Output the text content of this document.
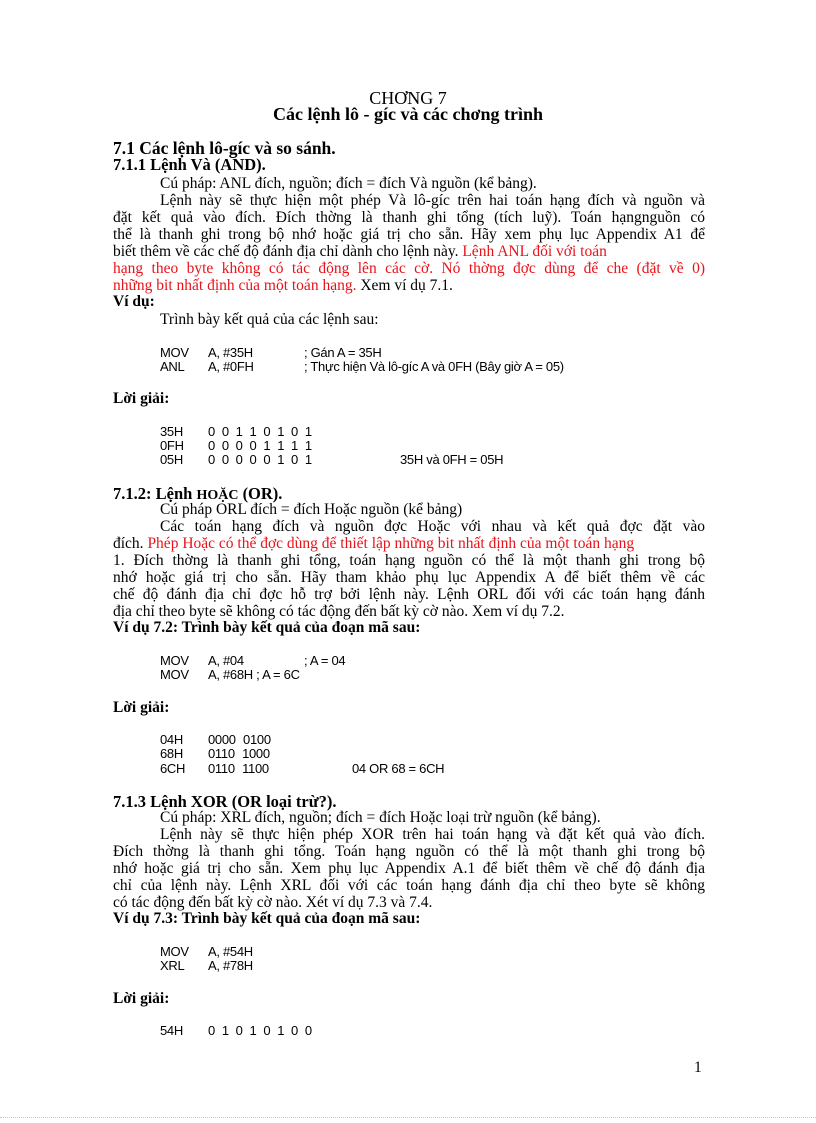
CHƠNG 7
Các lệnh lô - gíc và các chơng trình
7.1 Các lệnh lô-gíc và so sánh.
7.1.1 Lệnh Và (AND).
Cú pháp: ANL đích, nguồn; đích = đích Và nguồn (kể bảng).
Lệnh này sẽ thực hiện một phép Và lô-gíc trên hai toán hạng đích và nguồn và
đặt kết quả vào đích. Đích thờng là thanh ghi tổng (tích luỹ). Toán hạngnguồn có
thể là thanh ghi trong bộ nhớ hoặc giá trị cho sẵn. Hãy xem phụ lục Appendix A1 để
biết thêm về các chế độ đánh địa chỉ dành cho lệnh này. Lệnh ANL đối với toán
hạng theo byte không có tác động lên các cờ. Nó thờng đợc dùng để che (đặt về 0)
những bit nhất định của một toán hạng. Xem ví dụ 7.1.
Ví dụ:
Trình bày kết quả của các lệnh sau:
MOV A, #35H	; Gán A = 35H
ANL A, #0FH	; Thực hiện Và lô-gíc A và 0FH (Bây giờ A = 05)
Lời giải:
35H 0 0 1 1 0 1 0 1
0FH 0 0 0 0 1 1 1 1
05H 0 0 0 0 0 1 0 1	35H và 0FH = 05H
7.1.2: Lệnh HOẶC (OR).
Cú pháp ORL đích = đích Hoặc nguồn (kể bảng)
Các toán hạng đích và nguồn đợc Hoặc với nhau và kết quả đợc đặt vào
đích. Phép Hoặc có thể đợc dùng để thiết lập những bit nhất định của một toán hạng
1. Đích thờng là thanh ghi tổng, toán hạng nguồn có thể là một thanh ghi trong bộ
nhớ hoặc giá trị cho sẵn. Hãy tham khảo phụ lục Appendix A để biết thêm về các
chế độ đánh địa chỉ đợc hỗ trợ bởi lệnh này. Lệnh ORL đối với các toán hạng đánh
địa chỉ theo byte sẽ không có tác động đến bất kỳ cờ nào. Xem ví dụ 7.2.
Ví dụ 7.2: Trình bày kết quả của đoạn mã sau:
MOV A, #04	; A = 04
MOV A, #68H ; A = 6C
Lời giải:
04H 0000 0100
68H 0110 1000
6CH 0110 1100	04 OR 68 = 6CH
7.1.3 Lệnh XOR (OR loại trừ?).
Cú pháp: XRL đích, nguồn; đích = đích Hoặc loại trừ nguồn (kể bảng).
Lệnh này sẽ thực hiện phép XOR trên hai toán hạng và đặt kết quả vào đích.
Đích thờng là thanh ghi tổng. Toán hạng nguồn có thể là một thanh ghi trong bộ
nhớ hoặc giá trị cho sẵn. Xem phụ lục Appendix A.1 để biết thêm về chế độ đánh địa
chỉ của lệnh này. Lệnh XRL đối với các toán hạng đánh địa chỉ theo byte sẽ không
có tác động đến bất kỳ cờ nào. Xét ví dụ 7.3 và 7.4.
Ví dụ 7.3: Trình bày kết quả của đoạn mã sau:
MOV A, #54H
XRL A, #78H
Lời giải:
54H 0 1 0 1 0 1 0 0
1
